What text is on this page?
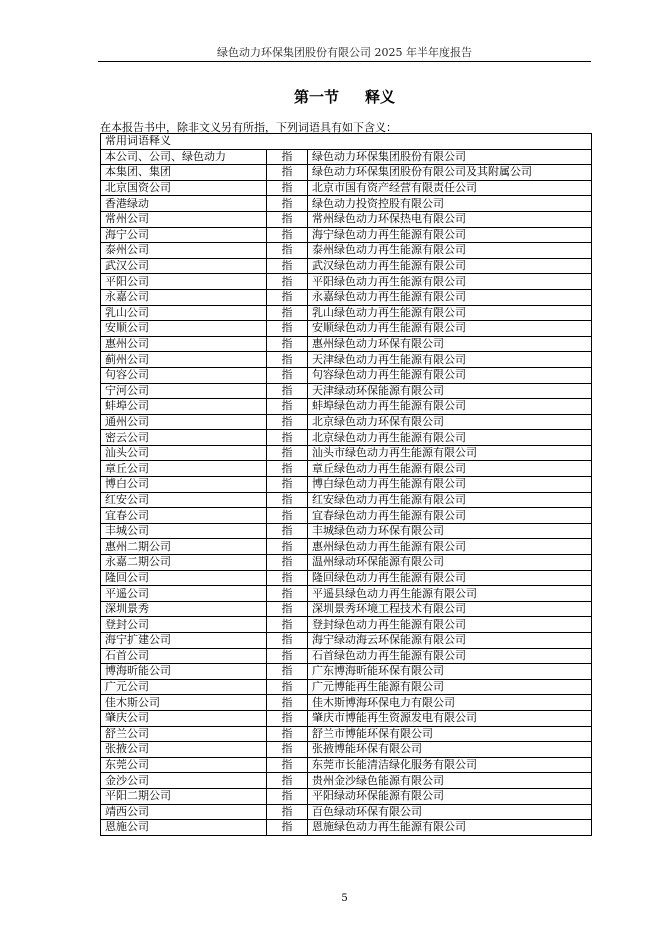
绿色动力环保集团股份有限公司 2025 年半年度报告
第一节 释义
在本报告书中，除非文义另有所指，下列词语具有如下含义：
常用词语释义		
本公司、公司、绿色动力	指	绿色动力环保集团股份有限公司
本集团、集团	指	绿色动力环保集团股份有限公司及其附属公司
北京国资公司	指	北京市国有资产经营有限责任公司
香港绿动	指	绿色动力投资控股有限公司
常州公司	指	常州绿色动力环保热电有限公司
海宁公司	指	海宁绿色动力再生能源有限公司
泰州公司	指	泰州绿色动力再生能源有限公司
武汉公司	指	武汉绿色动力再生能源有限公司
平阳公司	指	平阳绿色动力再生能源有限公司
永嘉公司	指	永嘉绿色动力再生能源有限公司
乳山公司	指	乳山绿色动力再生能源有限公司
安顺公司	指	安顺绿色动力再生能源有限公司
惠州公司	指	惠州绿色动力环保有限公司
蓟州公司	指	天津绿色动力再生能源有限公司
句容公司	指	句容绿色动力再生能源有限公司
宁河公司	指	天津绿动环保能源有限公司
蚌埠公司	指	蚌埠绿色动力再生能源有限公司
通州公司	指	北京绿色动力环保有限公司
密云公司	指	北京绿色动力再生能源有限公司
汕头公司	指	汕头市绿色动力再生能源有限公司
章丘公司	指	章丘绿色动力再生能源有限公司
博白公司	指	博白绿色动力再生能源有限公司
红安公司	指	红安绿色动力再生能源有限公司
宜春公司	指	宜春绿色动力再生能源有限公司
丰城公司	指	丰城绿色动力环保有限公司
惠州二期公司	指	惠州绿色动力再生能源有限公司
永嘉二期公司	指	温州绿动环保能源有限公司
隆回公司	指	隆回绿色动力再生能源有限公司
平遥公司	指	平遥县绿色动力再生能源有限公司
深圳景秀	指	深圳景秀环境工程技术有限公司
登封公司	指	登封绿色动力再生能源有限公司
海宁扩建公司	指	海宁绿动海云环保能源有限公司
石首公司	指	石首绿色动力再生能源有限公司
博海昕能公司	指	广东博海昕能环保有限公司
广元公司	指	广元博能再生能源有限公司
佳木斯公司	指	佳木斯博海环保电力有限公司
肇庆公司	指	肇庆市博能再生资源发电有限公司
舒兰公司	指	舒兰市博能环保有限公司
张掖公司	指	张掖博能环保有限公司
东莞公司	指	东莞市长能清洁绿化服务有限公司
金沙公司	指	贵州金沙绿色能源有限公司
平阳二期公司	指	平阳绿动环保能源有限公司
靖西公司	指	百色绿动环保有限公司
恩施公司	指	恩施绿色动力再生能源有限公司
5
